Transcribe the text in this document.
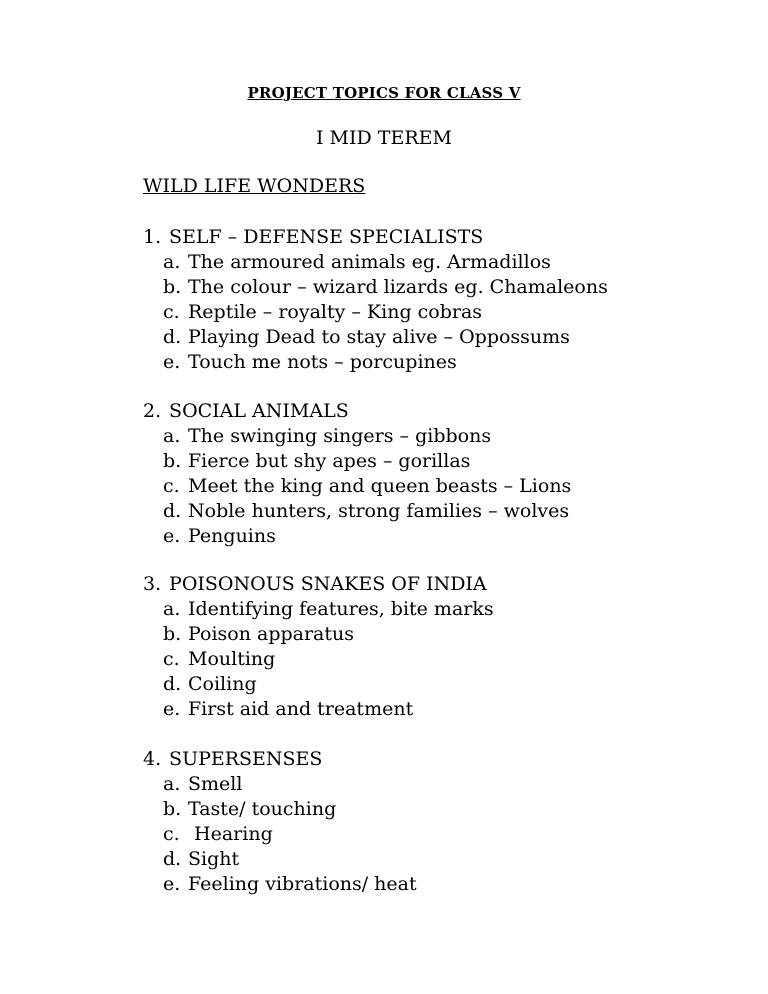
PROJECT TOPICS FOR CLASS V
I MID TEREM
WILD LIFE WONDERS
1. SELF – DEFENSE SPECIALISTS
a. The armoured animals eg. Armadillos
b. The colour – wizard lizards eg. Chamaleons
c. Reptile – royalty – King cobras
d. Playing Dead to stay alive – Oppossums
e. Touch me nots – porcupines
2. SOCIAL ANIMALS
a. The swinging singers – gibbons
b. Fierce but shy apes – gorillas
c. Meet the king and queen beasts – Lions
d. Noble hunters, strong families – wolves
e. Penguins
3. POISONOUS SNAKES OF INDIA
a. Identifying features, bite marks
b. Poison apparatus
c. Moulting
d. Coiling
e. First aid and treatment
4. SUPERSENSES
a. Smell
b. Taste/ touching
c. Hearing
d. Sight
e. Feeling vibrations/ heat
